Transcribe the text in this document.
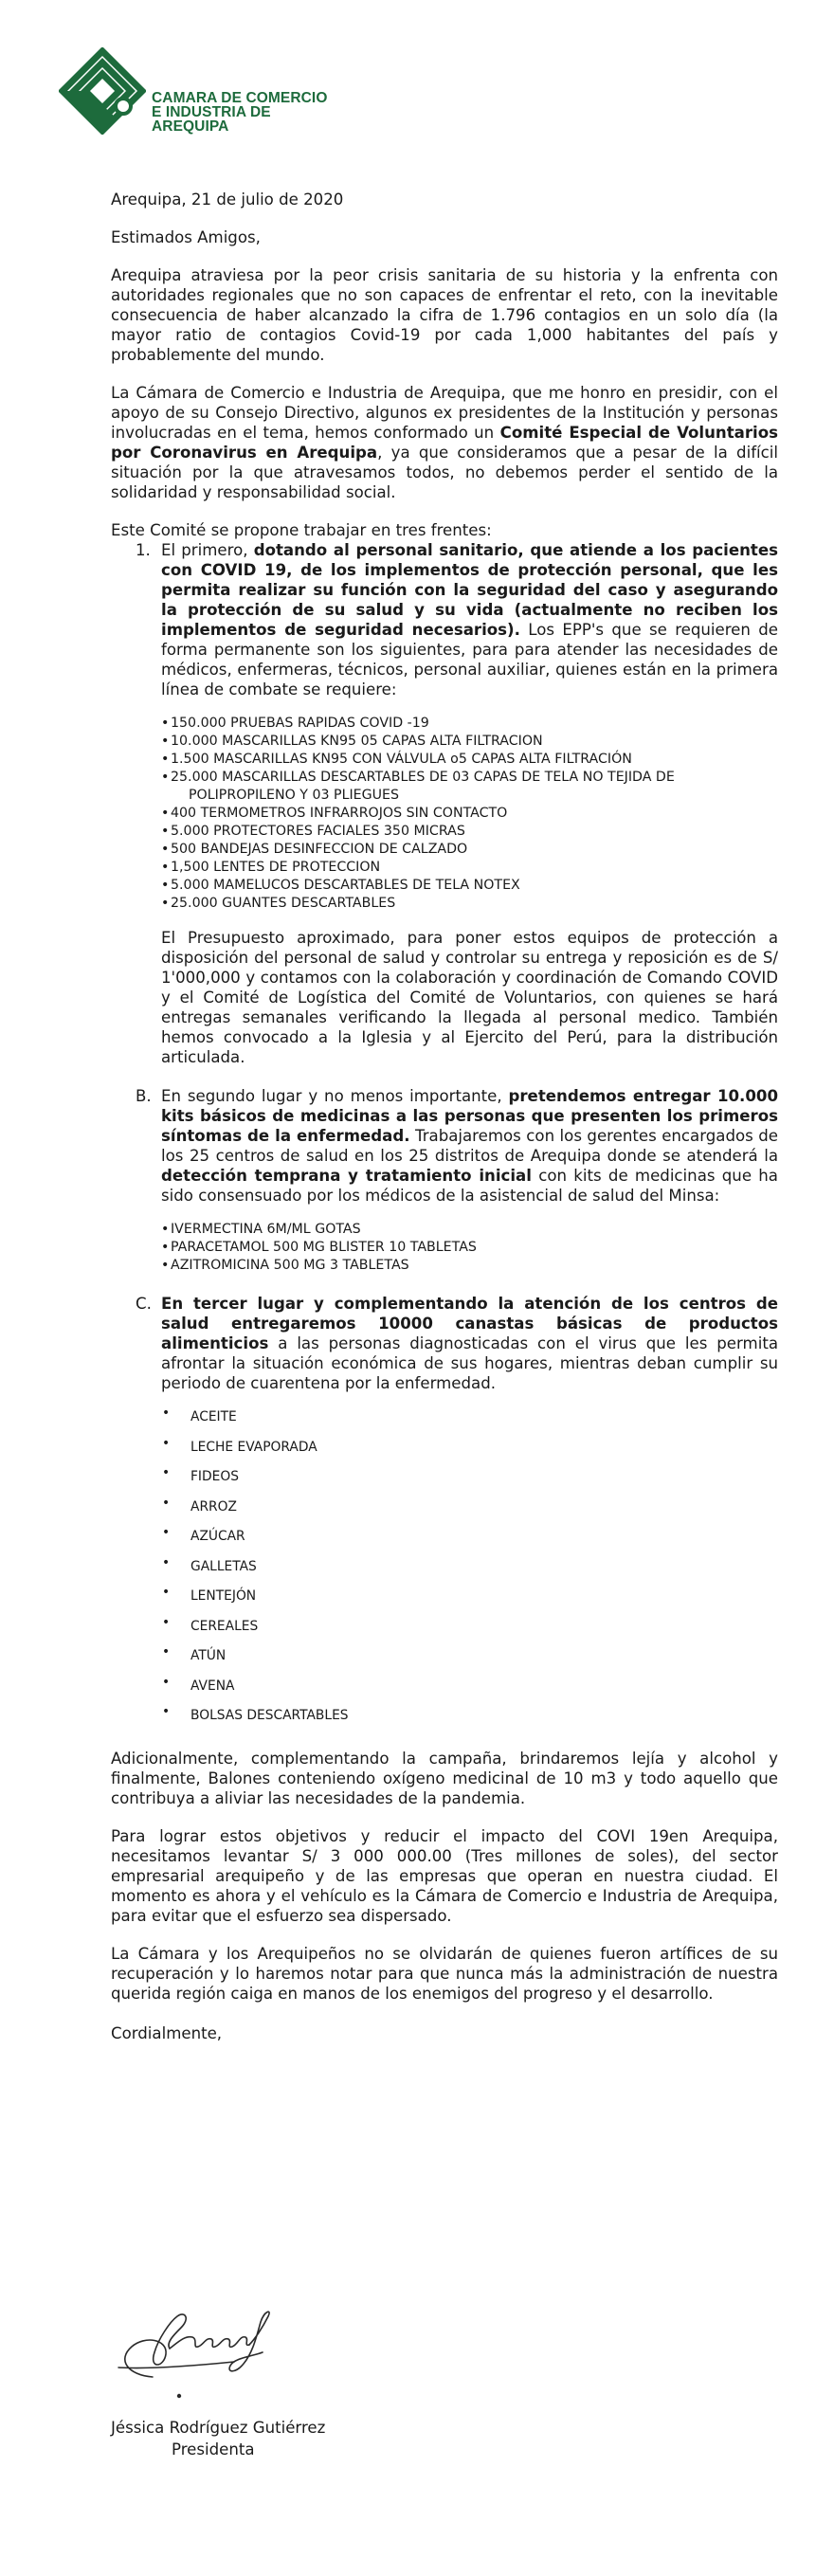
CAMARA DE COMERCIO
E INDUSTRIA DE
AREQUIPA

Arequipa, 21 de julio de 2020

Estimados Amigos,

Arequipa atraviesa por la peor crisis sanitaria de su historia y la enfrenta con autoridades regionales que no son capaces de enfrentar el reto, con la inevitable consecuencia de haber alcanzado la cifra de 1.796 contagios en un solo día (la mayor ratio de contagios Covid-19 por cada 1,000 habitantes del país y probablemente del mundo.

La Cámara de Comercio e Industria de Arequipa, que me honro en presidir, con el apoyo de su Consejo Directivo, algunos ex presidentes de la Institución y personas involucradas en el tema, hemos conformado un Comité Especial de Voluntarios por Coronavirus en Arequipa, ya que consideramos que a pesar de la difícil situación por la que atravesamos todos, no debemos perder el sentido de la solidaridad y responsabilidad social.

Este Comité se propone trabajar en tres frentes:

1. El primero, dotando al personal sanitario, que atiende a los pacientes con COVID 19, de los implementos de protección personal, que les permita realizar su función con la seguridad del caso y asegurando la protección de su salud y su vida (actualmente no reciben los implementos de seguridad necesarios). Los EPP's que se requieren de forma permanente son los siguientes, para para atender las necesidades de médicos, enfermeras, técnicos, personal auxiliar, quienes están en la primera línea de combate se requiere:

• 150.000 PRUEBAS RAPIDAS COVID -19
• 10.000 MASCARILLAS KN95 05 CAPAS ALTA FILTRACION
• 1.500 MASCARILLAS KN95 CON VÁLVULA o5 CAPAS ALTA FILTRACIÓN
• 25.000 MASCARILLAS DESCARTABLES DE 03 CAPAS DE TELA NO TEJIDA DE
POLIPROPILENO Y 03 PLIEGUES
• 400 TERMOMETROS INFRARROJOS SIN CONTACTO
• 5.000 PROTECTORES FACIALES 350 MICRAS
• 500 BANDEJAS DESINFECCION DE CALZADO
• 1,500 LENTES DE PROTECCION
• 5.000 MAMELUCOS DESCARTABLES DE TELA NOTEX
• 25.000 GUANTES DESCARTABLES

El Presupuesto aproximado, para poner estos equipos de protección a disposición del personal de salud y controlar su entrega y reposición es de S/ 1'000,000 y contamos con la colaboración y coordinación de Comando COVID y el Comité de Logística del Comité de Voluntarios, con quienes se hará entregas semanales verificando la llegada al personal medico. También hemos convocado a la Iglesia y al Ejercito del Perú, para la distribución articulada.

B. En segundo lugar y no menos importante, pretendemos entregar 10.000 kits básicos de medicinas a las personas que presenten los primeros síntomas de la enfermedad. Trabajaremos con los gerentes encargados de los 25 centros de salud en los 25 distritos de Arequipa donde se atenderá la detección temprana y tratamiento inicial con kits de medicinas que ha sido consensuado por los médicos de la asistencial de salud del Minsa:

• IVERMECTINA 6M/ML GOTAS
• PARACETAMOL 500 MG BLISTER 10 TABLETAS
• AZITROMICINA 500 MG 3 TABLETAS
C. En tercer lugar y complementando la atención de los centros de salud entregaremos 10000 canastas básicas de productos alimenticios a las personas diagnosticadas con el virus que les permita afrontar la situación económica de sus hogares, mientras deban cumplir su periodo de cuarentena por la enfermedad.

• ACEITE
• LECHE EVAPORADA
• FIDEOS
• ARROZ
• AZÚCAR
• GALLETAS
• LENTEJÓN
• CEREALES
• ATÚN
• AVENA
• BOLSAS DESCARTABLES

Adicionalmente, complementando la campaña, brindaremos lejía y alcohol y finalmente, Balones conteniendo oxígeno medicinal de 10 m3 y todo aquello que contribuya a aliviar las necesidades de la pandemia.

Para lograr estos objetivos y reducir el impacto del COVI 19en Arequipa, necesitamos levantar S/ 3 000 000.00 (Tres millones de soles), del sector empresarial arequipeño y de las empresas que operan en nuestra ciudad. El momento es ahora y el vehículo es la Cámara de Comercio e Industria de Arequipa, para evitar que el esfuerzo sea dispersado.

La Cámara y los Arequipeños no se olvidarán de quienes fueron artífices de su recuperación y lo haremos notar para que nunca más la administración de nuestra querida región caiga en manos de los enemigos del progreso y el desarrollo.

Cordialmente,

Jéssica Rodríguez Gutiérrez
Presidenta
